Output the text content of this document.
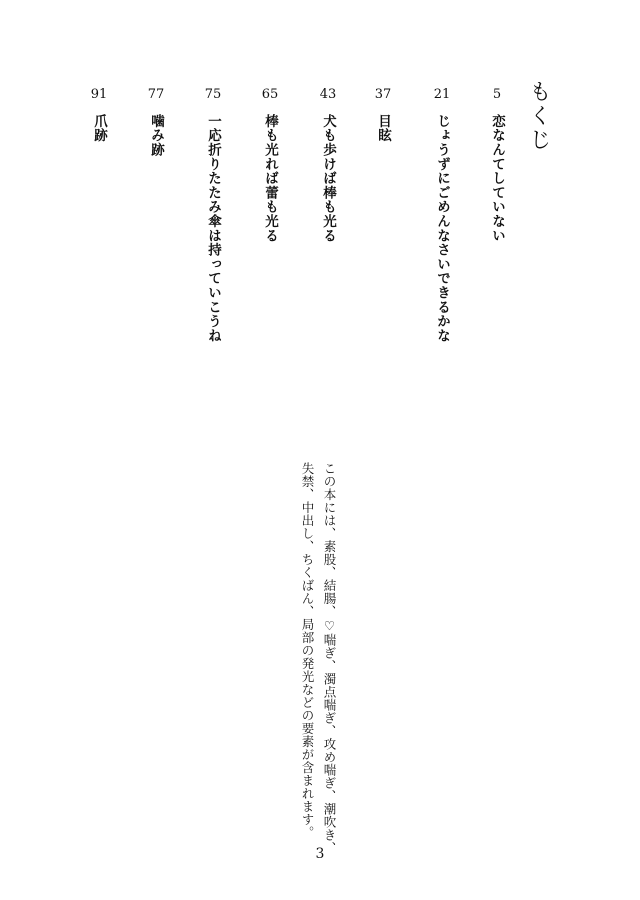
もくじ
5
恋なんてしていない
21
じょうずにごめんなさいできるかな
37
目眩
43
犬も歩けば棒も光る
65
棒も光れば蕾も光る
75
一応折りたたみ傘は持っていこうね
77
噛み跡
91
爪跡
この本には、素股、結腸、♡喘ぎ、濁点喘ぎ、攻め喘ぎ、潮吹き、
失禁、中出し、ちくばん、局部の発光などの要素が含まれます。
3
